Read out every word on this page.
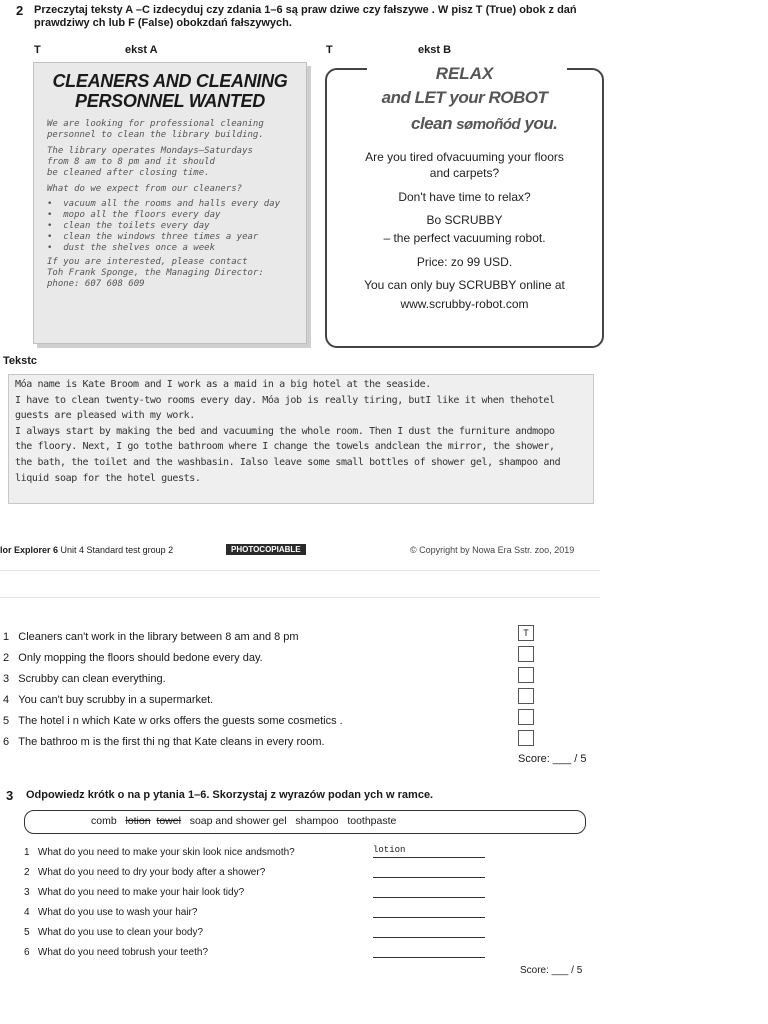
2 Przeczytaj teksty A –C izdecyduj czy zdania 1–6 są praw dziwe czy fałszywe . W pisz T (True) obok z dań
prawdziwy ch lub F (False) obokzdań fałszywych.
T	ekst A	T	ekst B
CLEANERS AND CLEANING
PERSONNEL WANTED
We are looking for professional cleaning
personnel to clean the library building.
The library operates Mondays–Saturdays
from 8 am to 8 pm and it should
be cleaned after closing time.
What do we expect from our cleaners?
•  vacuum all the rooms and halls every day
•  mopo all the floors every day
•  clean the toilets every day
•  clean the windows three times a year
•  dust the shelves once a week
If you are interested, please contact
Toh Frank Sponge, the Managing Director:
phone: 607 608 609
RELAX
and LET your ROBOT
clean sømoñód you.
Are you tired ofvacuuming your floors
and carpets?
Don't have time to relax?
Bo SCRUBBY
– the perfect vacuuming robot.
Price: zo 99 USD.
You can only buy SCRUBBY online at
www.scrubby-robot.com
Tekstc
Móa name is Kate Broom and I work as a maid in a big hotel at the seaside.
I have to clean twenty-two rooms every day. Móa job is really tiring, butI like it when thehotel
guests are pleased with my work.
I always start by making the bed and vacuuming the whole room. Then I dust the furniture andmopo
the floory. Next, I go tothe bathroom where I change the towels andclean the mirror, the shower,
the bath, the toilet and the washbasin. Ialso leave some small bottles of shower gel, shampoo and
liquid soap for the hotel guests.
lor Explorer 6 Unit 4 Standard test group 2	PHOTOCOPIABLE	© Copyright by Nowa Era Sstr. zoo, 2019
1 Cleaners can't work in the library between 8 am and 8 pm	T
2 Only mopping the floors should bedone every day.
3 Scrubby can clean everything.
4 You can't buy scrubby in a supermarket.
5 The hotel i n which Kate w orks offers the guests some cosmetics .
6 The bathroo m is the first thi ng that Kate cleans in every room.
Score: ___ / 5
3 Odpowiedz krótk o na p ytania 1–6. Skorzystaj z wyrazów podan ych w ramce.
comb lotion towel soap and shower gel shampoo toothpaste
1 What do you need to make your skin look nice andsmoth?	lotion
2 What do you need to dry your body after a shower?
3 What do you need to make your hair look tidy?
4 What do you use to wash your hair?
5 What do you use to clean your body?
6 What do you need tobrush your teeth?
Score: ___ / 5
